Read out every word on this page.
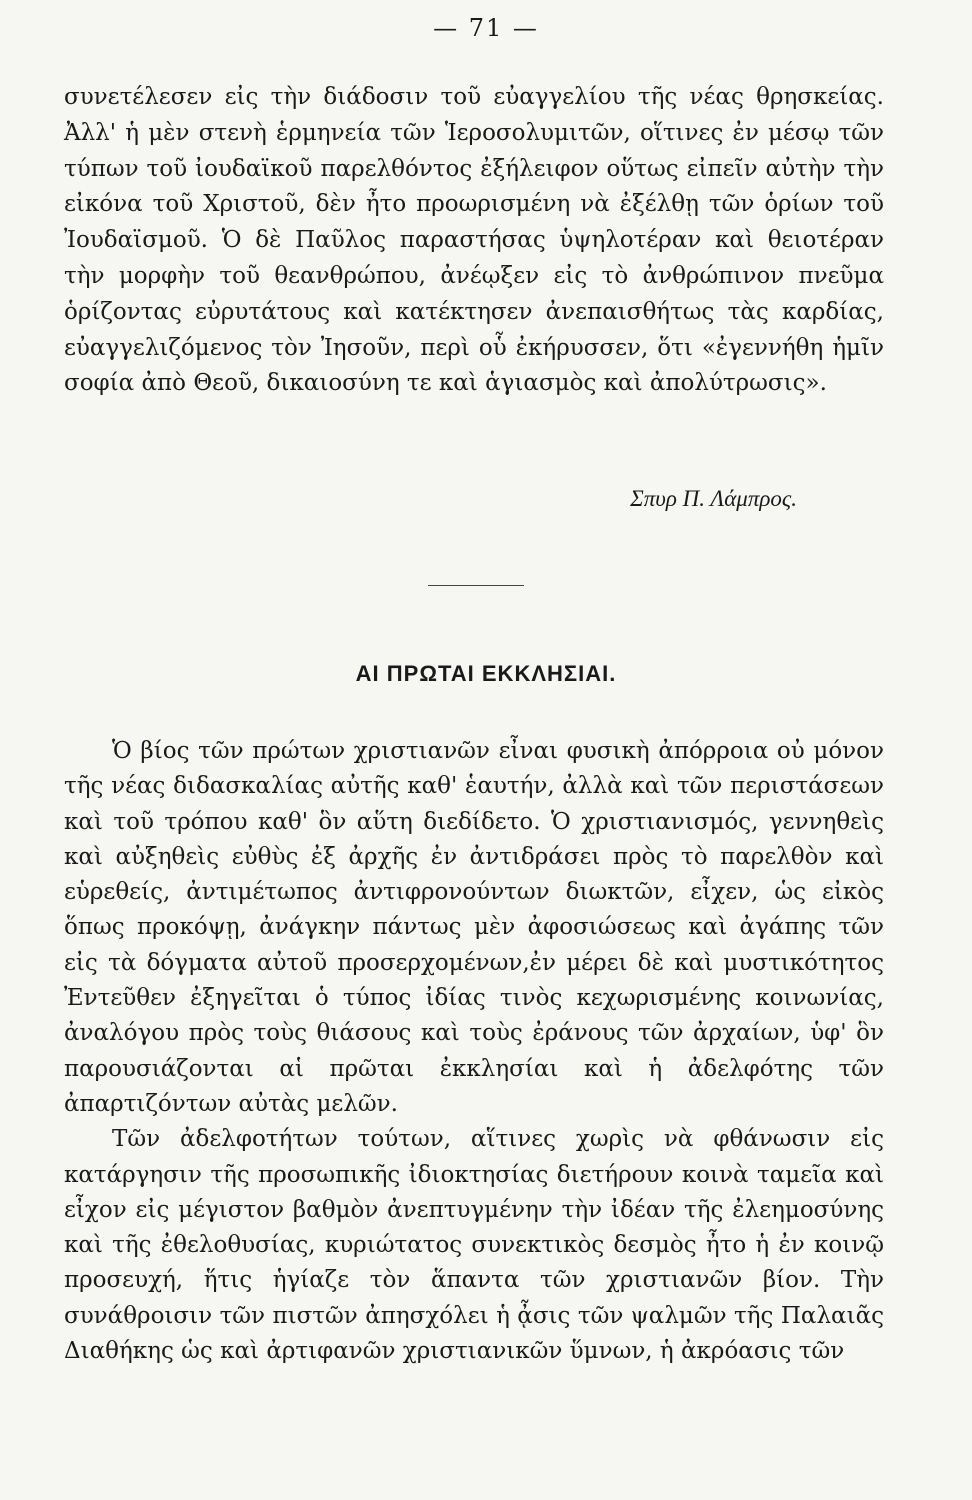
— 71 —

συνετέλεσεν εἰς τὴν διάδοσιν τοῦ εὐαγγελίου τῆς νέας θρησκείας. Ἀλλ' ἡ μὲν στενὴ ἑρμηνεία τῶν Ἱεροσολυμιτῶν, οἵτινες ἐν μέσῳ τῶν τύπων τοῦ ἰουδαϊκοῦ παρελθόντος ἐξήλειφον οὕτως εἰπεῖν αὐτὴν τὴν εἰκόνα τοῦ Χριστοῦ, δὲν ἦτο προωρισμένη νὰ ἐξέλθῃ τῶν ὁρίων τοῦ Ἰουδαϊσμοῦ. Ὁ δὲ Παῦλος παραστήσας ὑψηλοτέραν καὶ θειοτέραν τὴν μορφὴν τοῦ θεανθρώπου, ἀνέῳξεν εἰς τὸ ἀνθρώπινον πνεῦμα ὁρίζοντας εὐρυτάτους καὶ κατέκτησεν ἀνεπαισθήτως τὰς καρδίας, εὐαγγελιζόμενος τὸν Ἰησοῦν, περὶ οὗ ἐκήρυσσεν, ὅτι «ἐγεννήθη ἡμῖν σοφία ἀπὸ Θεοῦ, δικαιοσύνη τε καὶ ἁγιασμὸς καὶ ἀπολύτρωσις».

Σπυρ Π. Λάμπρος.
ΑΙ ΠΡΩΤΑΙ ΕΚΚΛΗΣΙΑΙ.

Ὁ βίος τῶν πρώτων χριστιανῶν εἶναι φυσικὴ ἀπόρροια οὐ μόνον τῆς νέας διδασκαλίας αὐτῆς καθ' ἑαυτήν, ἀλλὰ καὶ τῶν περιστάσεων καὶ τοῦ τρόπου καθ' ὃν αὕτη διεδίδετο. Ὁ χριστιανισμός, γεννηθεὶς καὶ αὐξηθεὶς εὐθὺς ἐξ ἀρχῆς ἐν ἀντιδράσει πρὸς τὸ παρελθὸν καὶ εὑρεθείς, ἀντιμέτωπος ἀντιφρονούντων διωκτῶν, εἶχεν, ὡς εἰκὸς ὅπως προκόψῃ, ἀνάγκην πάντως μὲν ἀφοσιώσεως καὶ ἀγάπης τῶν εἰς τὰ δόγματα αὐτοῦ προσερχομένων,ἐν μέρει δὲ καὶ μυστικότητος Ἐντεῦθεν ἐξηγεῖται ὁ τύπος ἰδίας τινὸς κεχωρισμένης κοινωνίας, ἀναλόγου πρὸς τοὺς θιάσους καὶ τοὺς ἐράνους τῶν ἀρχαίων, ὑφ' ὃν παρουσιάζονται αἱ πρῶται ἐκκλησίαι καὶ ἡ ἀδελφότης τῶν ἀπαρτιζόντων αὐτὰς μελῶν.

Τῶν ἀδελφοτήτων τούτων, αἵτινες χωρὶς νὰ φθάνωσιν εἰς κατάργησιν τῆς προσωπικῆς ἰδιοκτησίας διετήρουν κοινὰ ταμεῖα καὶ εἶχον εἰς μέγιστον βαθμὸν ἀνεπτυγμένην τὴν ἰδέαν τῆς ἐλεημοσύνης καὶ τῆς ἐθελοθυσίας, κυριώτατος συνεκτικὸς δεσμὸς ἦτο ἡ ἐν κοινῷ προσευχή, ἥτις ἡγίαζε τὸν ἅπαντα τῶν χριστιανῶν βίον. Τὴν συνάθροισιν τῶν πιστῶν ἀπησχόλει ἡ ᾆσις τῶν ψαλμῶν τῆς Παλαιᾶς Διαθήκης ὡς καὶ ἀρτιφανῶν χριστιανικῶν ὕμνων, ἡ ἀκρόασις τῶν
